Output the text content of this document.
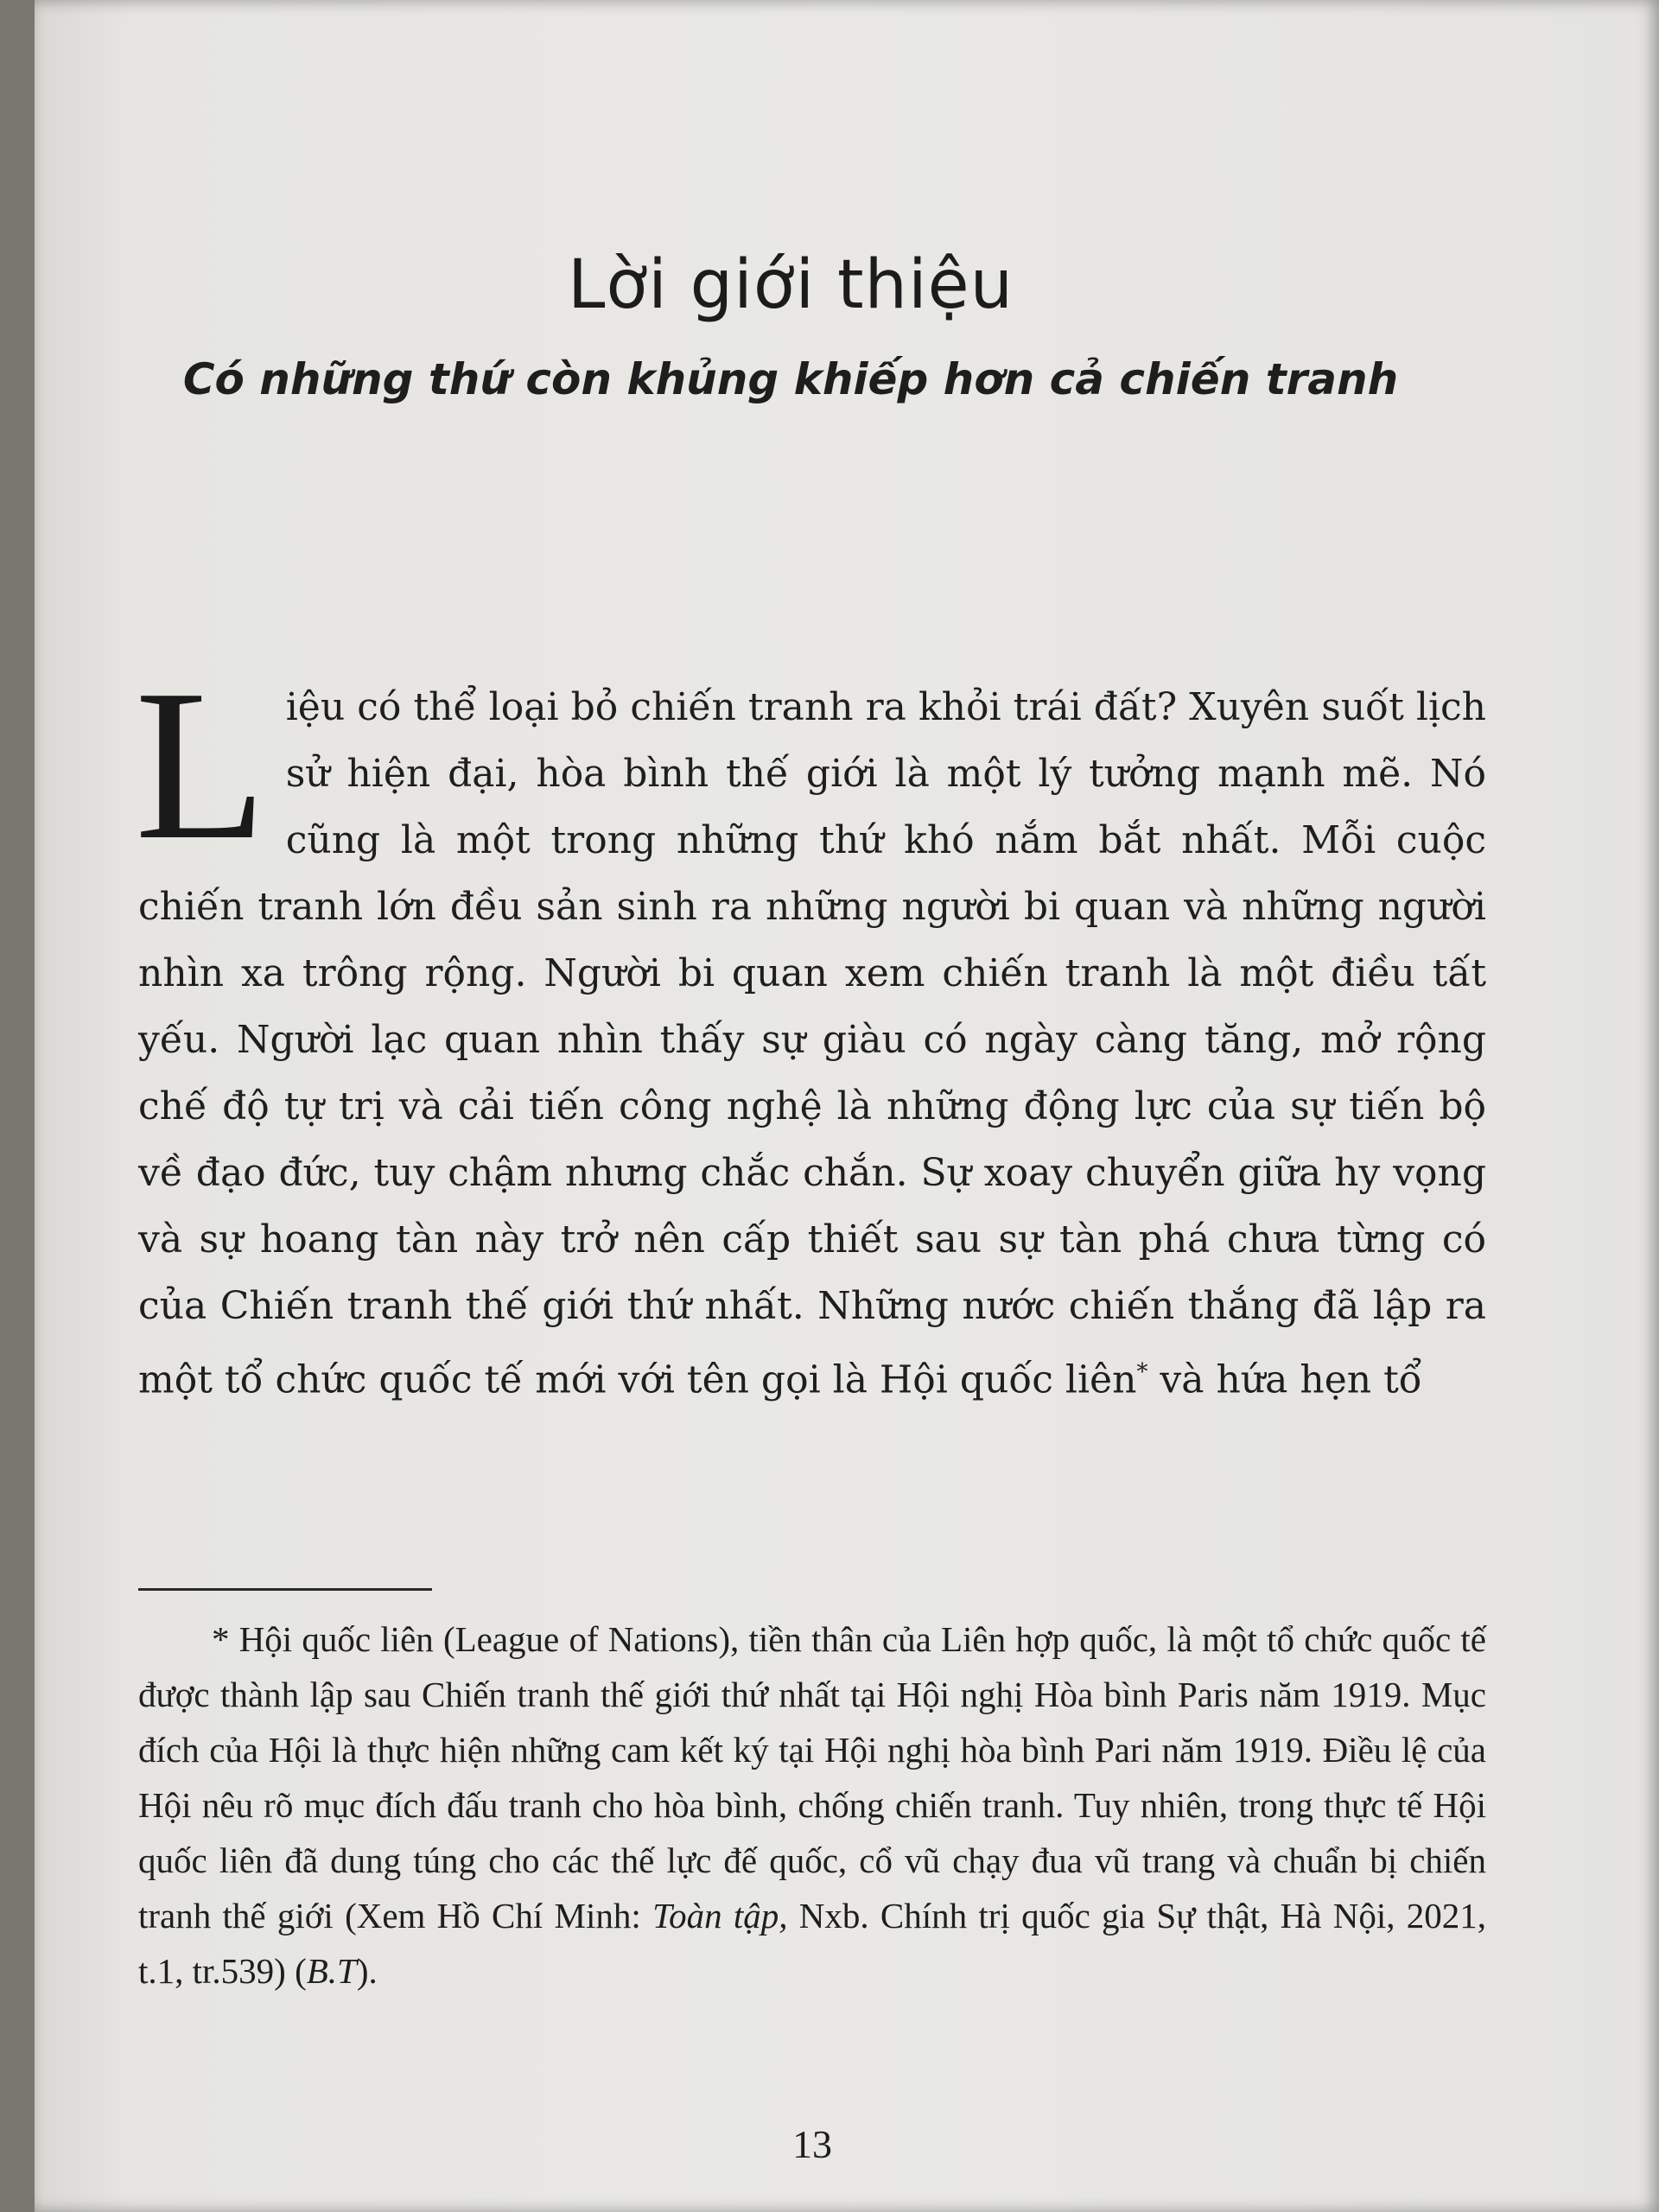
Lời giới thiệu
Có những thứ còn khủng khiếp hơn cả chiến tranh
Liệu có thể loại bỏ chiến tranh ra khỏi trái đất? Xuyên suốt lịch sử hiện đại, hòa bình thế giới là một lý tưởng mạnh mẽ. Nó cũng là một trong những thứ khó nắm bắt nhất. Mỗi cuộc chiến tranh lớn đều sản sinh ra những người bi quan và những người nhìn xa trông rộng. Người bi quan xem chiến tranh là một điều tất yếu. Người lạc quan nhìn thấy sự giàu có ngày càng tăng, mở rộng chế độ tự trị và cải tiến công nghệ là những động lực của sự tiến bộ về đạo đức, tuy chậm nhưng chắc chắn. Sự xoay chuyển giữa hy vọng và sự hoang tàn này trở nên cấp thiết sau sự tàn phá chưa từng có của Chiến tranh thế giới thứ nhất. Những nước chiến thắng đã lập ra một tổ chức quốc tế mới với tên gọi là Hội quốc liên* và hứa hẹn tổ
* Hội quốc liên (League of Nations), tiền thân của Liên hợp quốc, là một tổ chức quốc tế được thành lập sau Chiến tranh thế giới thứ nhất tại Hội nghị Hòa bình Paris năm 1919. Mục đích của Hội là thực hiện những cam kết ký tại Hội nghị hòa bình Pari năm 1919. Điều lệ của Hội nêu rõ mục đích đấu tranh cho hòa bình, chống chiến tranh. Tuy nhiên, trong thực tế Hội quốc liên đã dung túng cho các thế lực đế quốc, cổ vũ chạy đua vũ trang và chuẩn bị chiến tranh thế giới (Xem Hồ Chí Minh: Toàn tập, Nxb. Chính trị quốc gia Sự thật, Hà Nội, 2021, t.1, tr.539) (B.T).
13
